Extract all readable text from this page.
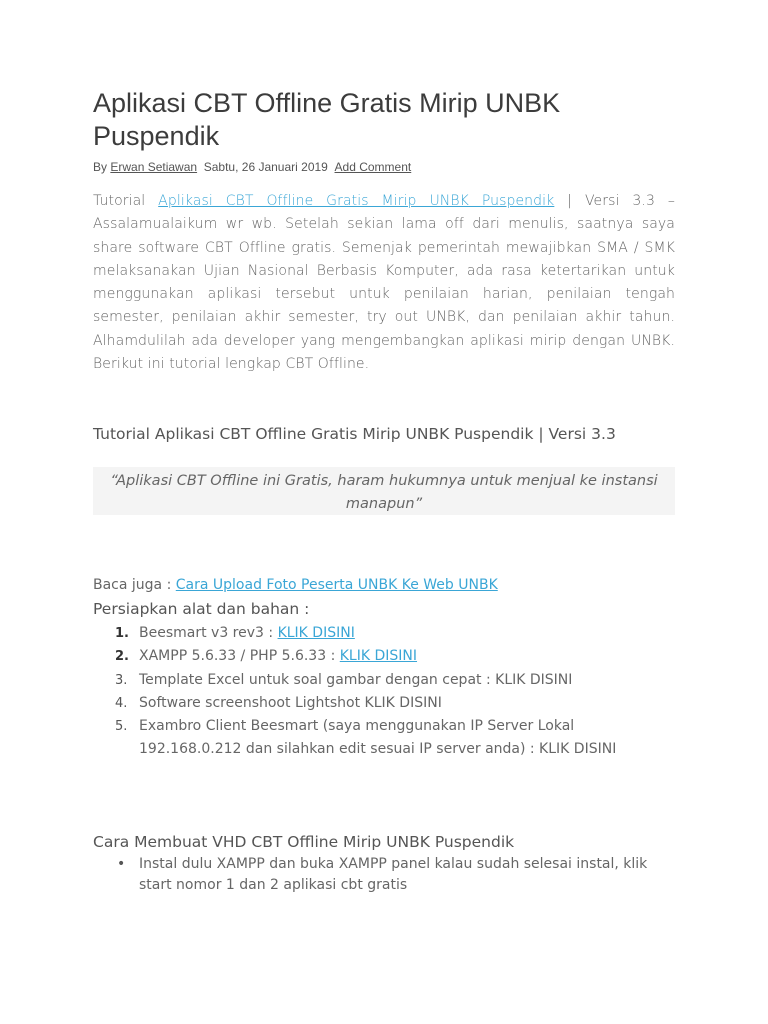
Aplikasi CBT Offline Gratis Mirip UNBK Puspendik
By Erwan Setiawan Sabtu, 26 Januari 2019 Add Comment

Tutorial Aplikasi CBT Offline Gratis Mirip UNBK Puspendik | Versi 3.3 – Assalamualaikum wr wb. Setelah sekian lama off dari menulis, saatnya saya share software CBT Offline gratis. Semenjak pemerintah mewajibkan SMA / SMK melaksanakan Ujian Nasional Berbasis Komputer, ada rasa ketertarikan untuk menggunakan aplikasi tersebut untuk penilaian harian, penilaian tengah semester, penilaian akhir semester, try out UNBK, dan penilaian akhir tahun. Alhamdulilah ada developer yang mengembangkan aplikasi mirip dengan UNBK. Berikut ini tutorial lengkap CBT Offline.

Tutorial Aplikasi CBT Offline Gratis Mirip UNBK Puspendik | Versi 3.3
“Aplikasi CBT Offline ini Gratis, haram hukumnya untuk menjual ke instansi manapun”
Baca juga : Cara Upload Foto Peserta UNBK Ke Web UNBK
Persiapkan alat dan bahan :
1. Beesmart v3 rev3 : KLIK DISINI
2. XAMPP 5.6.33 / PHP 5.6.33 : KLIK DISINI
3. Template Excel untuk soal gambar dengan cepat : KLIK DISINI
4. Software screenshoot Lightshot KLIK DISINI
5. Exambro Client Beesmart (saya menggunakan IP Server Lokal 192.168.0.212 dan silahkan edit sesuai IP server anda) : KLIK DISINI
Cara Membuat VHD CBT Offline Mirip UNBK Puspendik
• Instal dulu XAMPP dan buka XAMPP panel kalau sudah selesai instal, klik start nomor 1 dan 2 aplikasi cbt gratis
